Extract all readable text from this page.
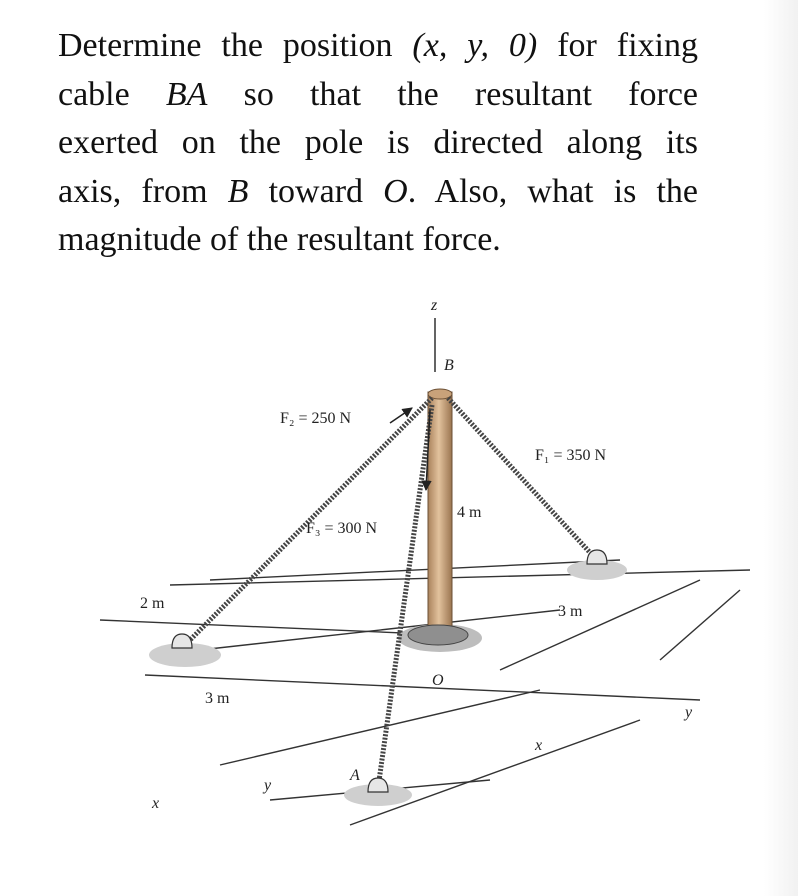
Determine the position (x, y, 0) for fixing
cable BA so that the resultant force
exerted on the pole is directed along its
axis, from B toward O. Also, what is the
magnitude of the resultant force.
z
B
F₂ = 250 N
F₁ = 350 N
F₃ = 300 N
4 m
2 m
3 m
3 m
O
A
x
x
y
y
